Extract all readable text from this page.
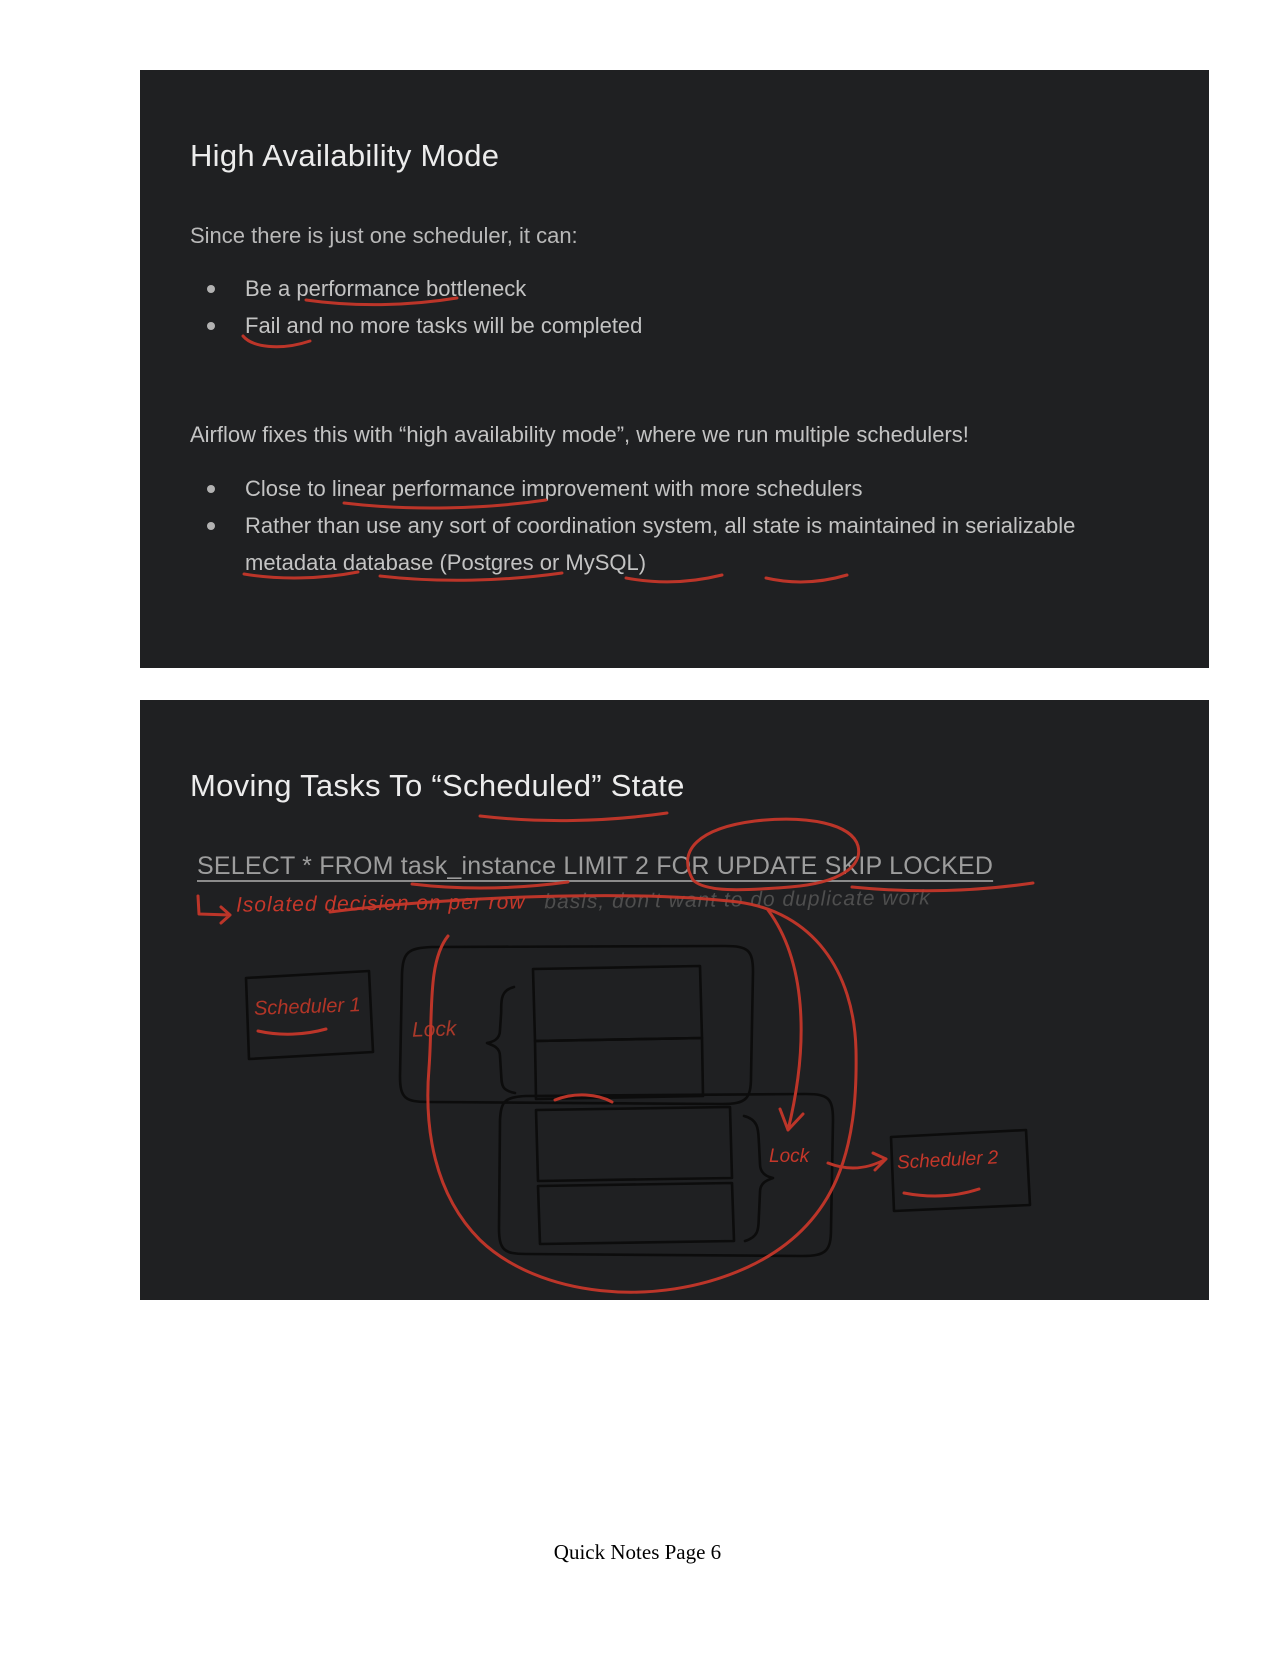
High Availability Mode

Since there is just one scheduler, it can:

Be a performance bottleneck
Fail and no more tasks will be completed

Airflow fixes this with “high availability mode”, where we run multiple schedulers!

Close to linear performance improvement with more schedulers
Rather than use any sort of coordination system, all state is maintained in serializable metadata database (Postgres or MySQL)
Moving Tasks To “Scheduled” State
SELECT * FROM task_instance LIMIT 2 FOR UPDATE SKIP LOCKED
Isolated decision on per row basis, don't want to do duplicate work
Scheduler 1
Lock
Lock	Scheduler 2
Quick Notes Page 6
